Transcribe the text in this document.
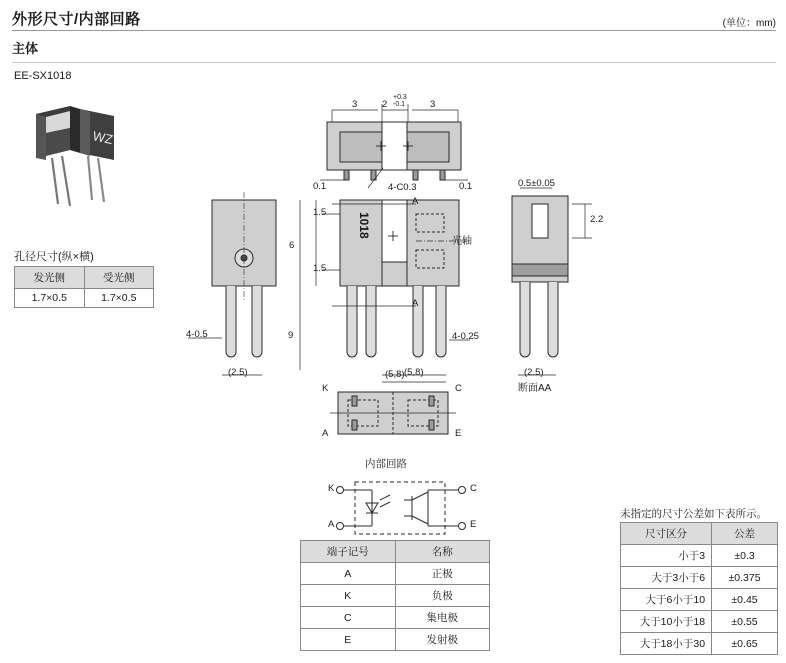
外形尺寸/内部回路	(单位：mm)
主体
EE-SX1018
WZ
孔径尺寸(纵×横)
发光侧	受光侧
1.7×0.5	1.7×0.5
3	2
+0.3
-0.1	3
0.1	0.1
4-C0.3
4-0.5
(2.5)
1.5
1.5
6
9
(5,8)
A
A
1018
光轴
4-0.25
0.5±0.05
2.2
断面AA
(2.5)
K
A
C
E
(5,8)
内部回路
K
A
C
E
端子记号	名称
A	正极
K	负极
C	集电极
E	发射极
未指定的尺寸公差如下表所示。
尺寸区分	公差
小于3	±0.3
大于3小于6	±0.375
大于6小于10	±0.45
大于10小于18	±0.55
大于18小于30	±0.65
